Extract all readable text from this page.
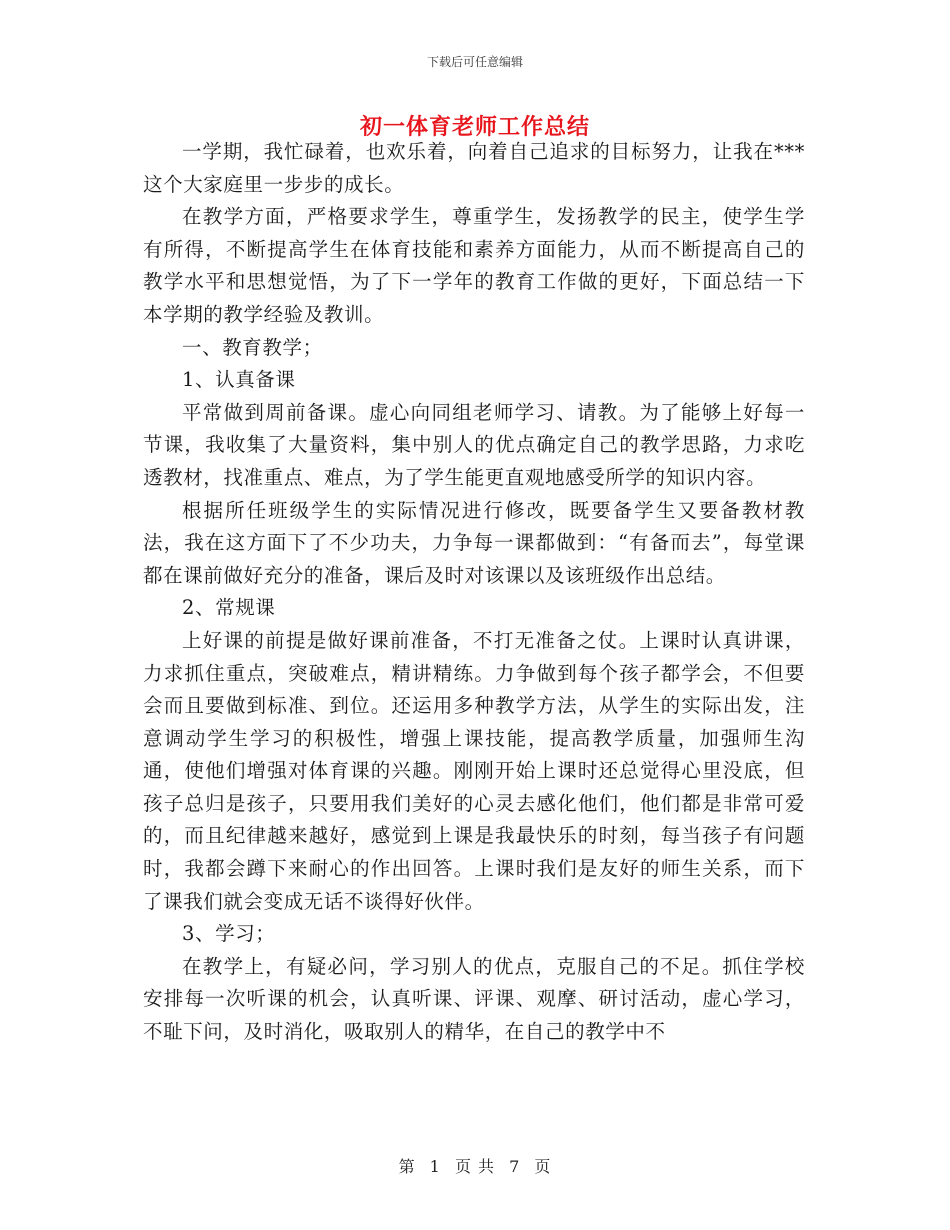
下载后可任意编辑
初一体育老师工作总结

一学期，我忙碌着，也欢乐着，向着自己追求的目标努力，让我在***这个大家庭里一步步的成长。

在教学方面，严格要求学生，尊重学生，发扬教学的民主，使学生学有所得，不断提高学生在体育技能和素养方面能力，从而不断提高自己的教学水平和思想觉悟，为了下一学年的教育工作做的更好，下面总结一下本学期的教学经验及教训。

一、教育教学；

1、认真备课

平常做到周前备课。虚心向同组老师学习、请教。为了能够上好每一节课，我收集了大量资料，集中别人的优点确定自己的教学思路，力求吃透教材，找准重点、难点，为了学生能更直观地感受所学的知识内容。

根据所任班级学生的实际情况进行修改，既要备学生又要备教材教法，我在这方面下了不少功夫，力争每一课都做到：“有备而去”，每堂课都在课前做好充分的准备，课后及时对该课以及该班级作出总结。

2、常规课

上好课的前提是做好课前准备，不打无准备之仗。上课时认真讲课，力求抓住重点，突破难点，精讲精练。力争做到每个孩子都学会，不但要会而且要做到标准、到位。还运用多种教学方法，从学生的实际出发，注意调动学生学习的积极性，增强上课技能，提高教学质量，加强师生沟通，使他们增强对体育课的兴趣。刚刚开始上课时还总觉得心里没底，但孩子总归是孩子，只要用我们美好的心灵去感化他们，他们都是非常可爱的，而且纪律越来越好，感觉到上课是我最快乐的时刻，每当孩子有问题时，我都会蹲下来耐心的作出回答。上课时我们是友好的师生关系，而下了课我们就会变成无话不谈得好伙伴。

3、学习；

在教学上，有疑必问，学习别人的优点，克服自己的不足。抓住学校安排每一次听课的机会，认真听课、评课、观摩、研讨活动，虚心学习，不耻下问，及时消化，吸取别人的精华，在自己的教学中不

第 1 页 共 7 页
